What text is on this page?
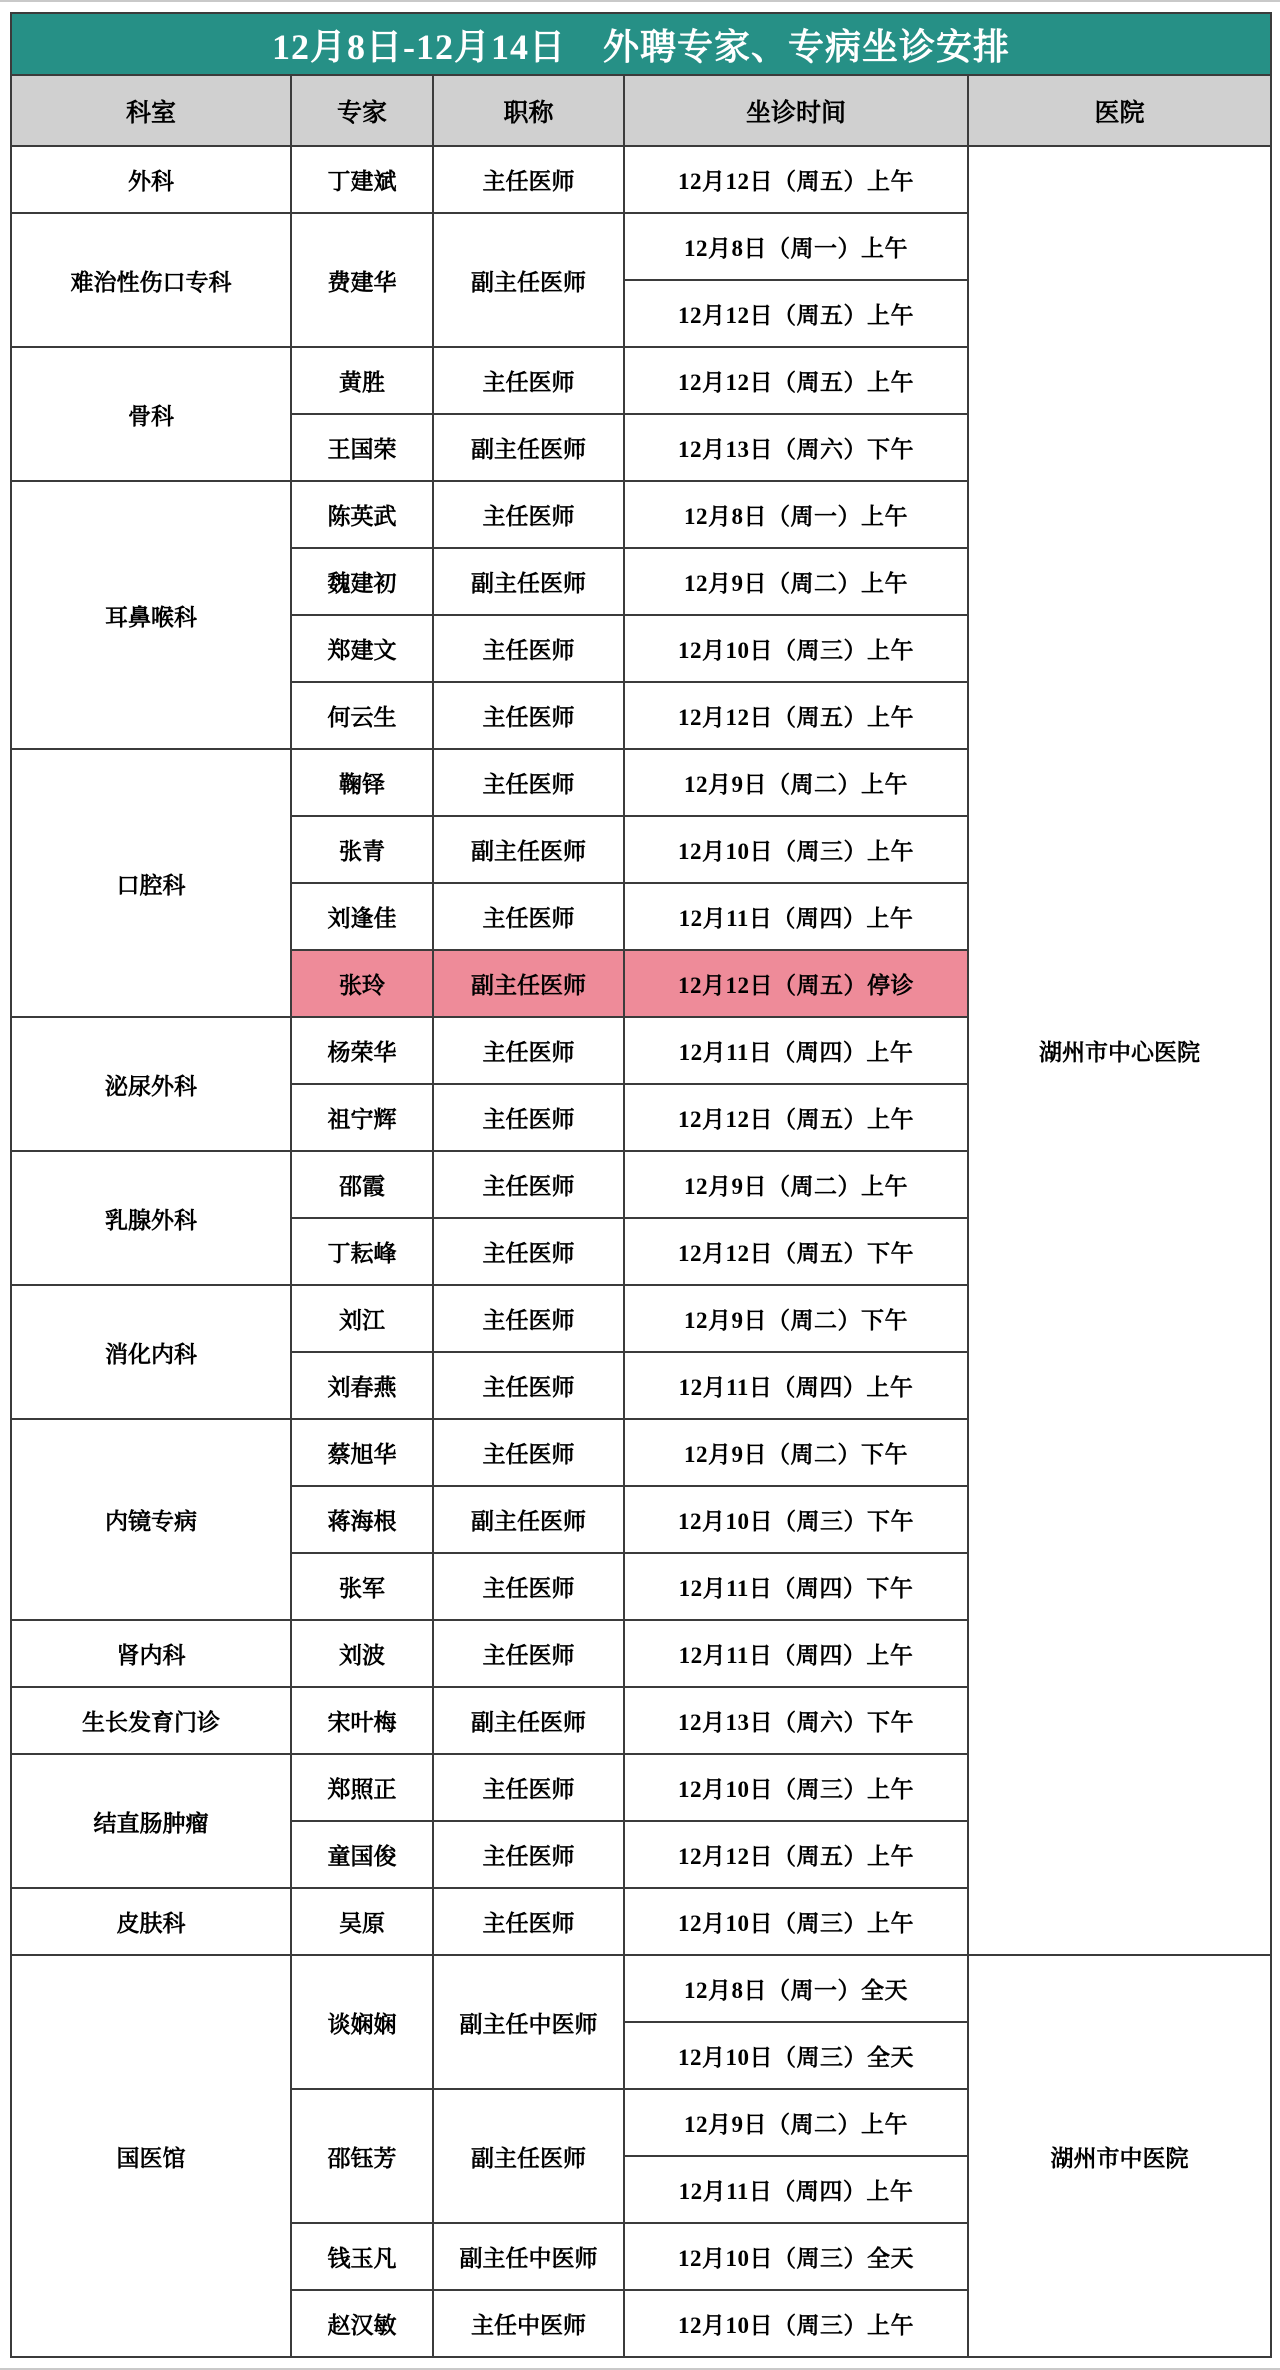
12月8日-12月14日　外聘专家、专病坐诊安排				
科室	专家	职称	坐诊时间	医院
外科	丁建斌	主任医师	12月12日（周五）上午	湖州市中心医院
难治性伤口专科	费建华	副主任医师	12月8日（周一）上午	
			12月12日（周五）上午	
骨科	黄胜	主任医师	12月12日（周五）上午	
	王国荣	副主任医师	12月13日（周六）下午	
耳鼻喉科	陈英武	主任医师	12月8日（周一）上午	
	魏建初	副主任医师	12月9日（周二）上午	
	郑建文	主任医师	12月10日（周三）上午	
	何云生	主任医师	12月12日（周五）上午	
口腔科	鞠铎	主任医师	12月9日（周二）上午	
	张青	副主任医师	12月10日（周三）上午	
	刘逢佳	主任医师	12月11日（周四）上午	
	张玲	副主任医师	12月12日（周五）停诊	
泌尿外科	杨荣华	主任医师	12月11日（周四）上午	
	祖宁辉	主任医师	12月12日（周五）上午	
乳腺外科	邵霞	主任医师	12月9日（周二）上午	
	丁耘峰	主任医师	12月12日（周五）下午	
消化内科	刘江	主任医师	12月9日（周二）下午	
	刘春燕	主任医师	12月11日（周四）上午	
内镜专病	蔡旭华	主任医师	12月9日（周二）下午	
	蒋海根	副主任医师	12月10日（周三）下午	
	张军	主任医师	12月11日（周四）下午	
肾内科	刘波	主任医师	12月11日（周四）上午	
生长发育门诊	宋叶梅	副主任医师	12月13日（周六）下午	
结直肠肿瘤	郑照正	主任医师	12月10日（周三）上午	
	童国俊	主任医师	12月12日（周五）上午	
皮肤科	吴原	主任医师	12月10日（周三）上午	
国医馆	谈娴娴	副主任中医师	12月8日（周一）全天	湖州市中医院
			12月10日（周三）全天	
	邵钰芳	副主任医师	12月9日（周二）上午	
			12月11日（周四）上午	
	钱玉凡	副主任中医师	12月10日（周三）全天	
	赵汉敏	主任中医师	12月10日（周三）上午	
